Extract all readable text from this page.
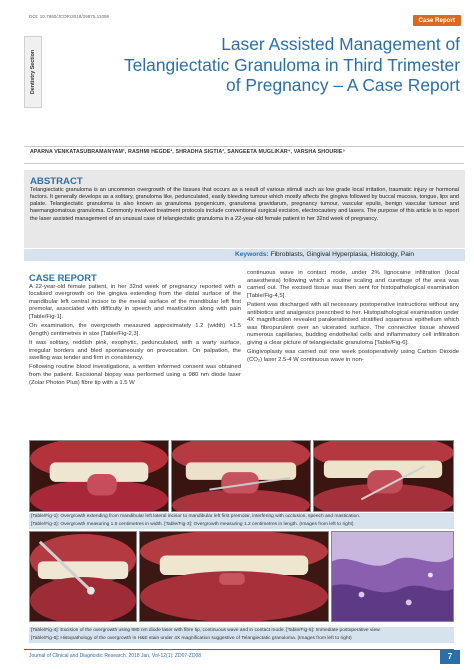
DOI: 10.7860/JCDR/2018/29875.11098
Case Report
Dentistry Section
Laser Assisted Management of Telangiectatic Granuloma in Third Trimester of Pregnancy – A Case Report
APARNA VENKATASUBRAMANYAM¹, RASHMI HEGDE², SHRADHA SIGTIA³, SANGEETA MUGLIKAR⁴, VARSHA SHOURIE⁵
ABSTRACT

Telangiectatic granuloma is an uncommon overgrowth of the tissues that occurs as a result of various stimuli such as low grade local irritation, traumatic injury or hormonal factors. It generally develops as a solitary, granuloma like, pedunculated, easily bleeding tumour which mostly affects the gingiva followed by buccal mucosa, tongue, lips and palate. Telangiectatic granuloma is also known as granuloma pyogenicum, granuloma gravidarum, pregnancy tumour, vascular epulis, benign vascular tumour and haemangiomatous granuloma. Commonly involved treatment protocols include conventional surgical excision, electrocautery and lasers. The purpose of this article is to report the laser assisted management of an unusual case of telangiectatic granuloma in a 22-year-old female patient in her 32nd week of pregnancy.

Keywords: Fibroblasts, Gingival Hyperplasia, Histology, Pain
CASE REPORT

A 22-year-old female patient, in her 32nd week of pregnancy reported with a localised overgrowth on the gingiva extending from the distal surface of the mandibular left central incisor to the mesial surface of the mandibular left first premolar, associated with difficulty in speech and mastication along with pain [Table/Fig-1].

On examination, the overgrowth measured approximately 1.2 (width) ×1.5 (length) centimetres in size [Table/Fig-2,3].

It was solitary, reddish pink, exophytic, pedunculated, with a warty surface, irregular borders and bled spontaneously on provocation. On palpation, the swelling was tender and firm in consistency.

Following routine blood investigations, a written informed consent was obtained from the patient. Excisional biopsy was performed using a 980 nm diode laser (Zolar Photon Plus) fibre tip with a 1.5 W

continuous wave in contact mode, under 2% lignocaine infiltration (local anaesthesia) following which a routine scaling and curettage of the area was carried out. The excised tissue was then sent for histopathological examination [Table/Fig-4,5].

Patient was discharged with all necessary postoperative instructions without any antibiotics and analgesics prescribed to her. Histopathological examination under 4X magnification revealed parakeratinised stratified squamous epithelium which was fibropurulent over an ulcerated surface. The connective tissue showed numerous capillaries, budding endothelial cells and inflammatory cell infiltration giving a clear picture of telangiectatic granuloma [Table/Fig-6].

Gingivoplasty was carried out one week postoperatively using Carbon Dioxide (CO₂) laser 2.5-4 W continuous wave in non-

[Table/Fig-1]: Overgrowth extending from mandibular left lateral incisor to mandibular left first premolar, interfering with occlusion, speech and mastication.
[Table/Fig-2]: Overgrowth measuring 1.5 centimetres in width. [Table/Fig-3]: Overgrowth measuring 1.2 centimetres in length. (Images from left to right)
[Table/Fig-4]: Excision of the overgrowth using 980 nm diode laser with fibre tip, continuous wave and in contact mode. [Table/Fig-5]: Immediate postoperative view.
[Table/Fig-6]: Histopathology of the overgrowth in H&E stain under 4X magnification suggestive of Telangiectatic granuloma. (Images from left to right)
Journal of Clinical and Diagnostic Research. 2018 Jan, Vol-12(1): ZD07-ZD08	7
